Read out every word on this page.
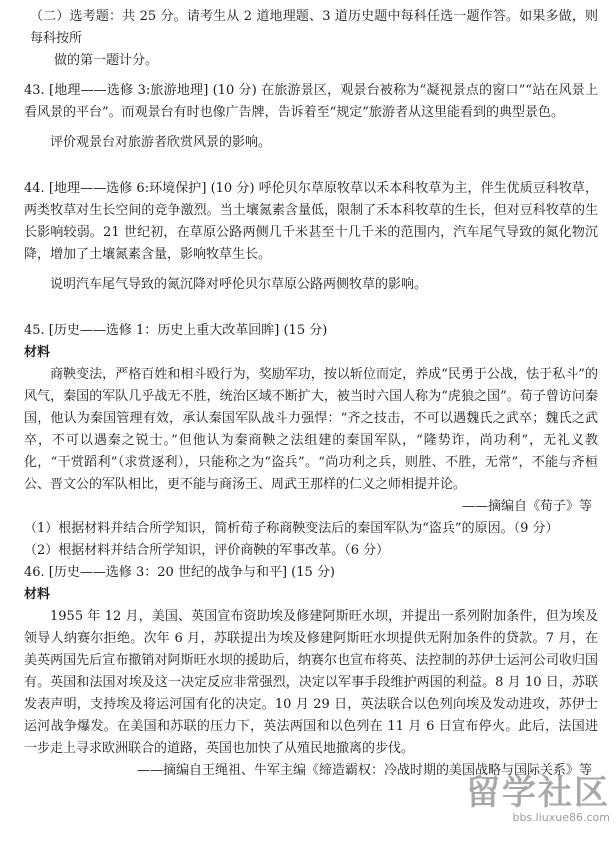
（二）选考题：共 25 分。请考生从 2 道地理题、3 道历史题中每科任选一题作答。如果多做，则每科按所

做的第一题计分。

43. [地理——选修 3:旅游地理] (10 分) 在旅游景区，观景台被称为“凝视景点的窗口”“站在风景上看风景的平台”。而观景台有时也像广告牌，告诉着至“规定”旅游者从这里能看到的典型景色。

评价观景台对旅游者欣赏风景的影响。

44. [地理——选修 6:环境保护] (10 分) 呼伦贝尔草原牧草以禾本科牧草为主，伴生优质豆科牧草，两类牧草对生长空间的竞争激烈。当土壤氮素含量低，限制了禾本科牧草的生长，但对豆科牧草的生长影响较弱。21 世纪初，在草原公路两侧几千米甚至十几千米的范围内，汽车尾气导致的氮化物沉降，增加了土壤氮素含量，影响牧草生长。

说明汽车尾气导致的氮沉降对呼伦贝尔草原公路两侧牧草的影响。

45. [历史——选修 1：历史上重大改革回眸] (15 分)

材料

商鞅变法，严格百姓和相斗殴行为，奖励军功，按以斩位而定，养成“民勇于公战，怯于私斗”的风气，秦国的军队几乎战无不胜，统治区域不断扩大，被当时六国人称为“虎狼之国”。荀子曾访问秦国，他认为秦国管理有效，承认秦国军队战斗力强悍：“齐之技击，不可以遇魏氏之武卒；魏氏之武卒，不可以遇秦之锐士。”但他认为秦商鞅之法组建的秦国军队，“隆势诈，尚功利”，无礼义教化，“干赏蹈利”（求赏逐利），只能称之为“盗兵”。“尚功利之兵，则胜、不胜，无常”，不能与齐桓公、晋文公的军队相比，更不能与商汤王、周武王那样的仁义之师相提并论。

——摘编自《荀子》等

（1）根据材料并结合所学知识，简析荀子称商鞅变法后的秦国军队为“盗兵”的原因。（9 分）

（2）根据材料并结合所学知识，评价商鞅的军事改革。（6 分）

46. [历史——选修 3：20 世纪的战争与和平] (15 分)

材料

1955 年 12 月，美国、英国宣布资助埃及修建阿斯旺水坝，并提出一系列附加条件，但为埃及领导人纳赛尔拒绝。次年 6 月，苏联提出为埃及修建阿斯旺水坝提供无附加条件的贷款。7 月，在美英两国先后宣布撤销对阿斯旺水坝的援助后，纳赛尔也宣布将英、法控制的苏伊士运河公司收归国有。英国和法国对埃及这一决定反应非常强烈，决定以军事手段维护两国的利益。8 月 10 日，苏联发表声明，支持埃及将运河国有化的决定。10 月 29 日，英法联合以色列向埃及发动进攻，苏伊士运河战争爆发。在美国和苏联的压力下，英法两国和以色列在 11 月 6 日宣布停火。此后，法国进一步走上寻求欧洲联合的道路，英国也加快了从殖民地撤离的步伐。

——摘编自王绳祖、牛军主编《缔造霸权：冷战时期的美国战略与国际关系》等

留学社区
bbs.liuxue86.com
